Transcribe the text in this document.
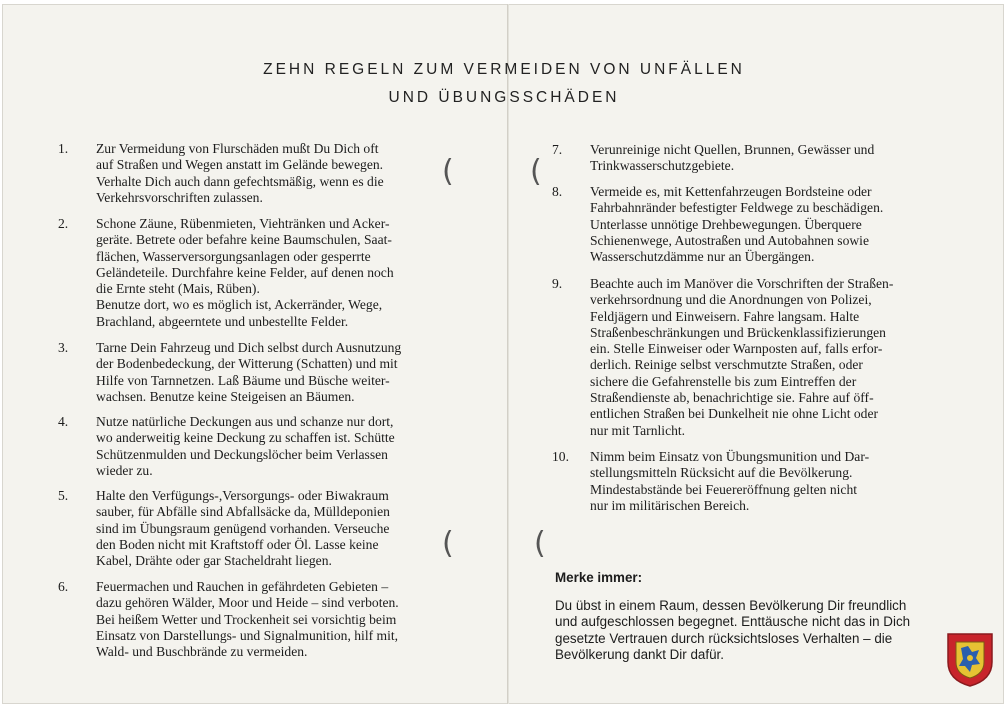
ZEHN REGELN ZUM VERMEIDEN VON UNFÄLLEN
UND ÜBUNGSSCHÄDEN
1.	Zur Vermeidung von Flurschäden mußt Du Dich oft
auf Straßen und Wegen anstatt im Gelände bewegen.
Verhalte Dich auch dann gefechtsmäßig, wenn es die
Verkehrsvorschriften zulassen.
2.	Schone Zäune, Rübenmieten, Viehtränken und Acker-
geräte. Betrete oder befahre keine Baumschulen, Saat-
flächen, Wasserversorgungsanlagen oder gesperrte
Geländeteile. Durchfahre keine Felder, auf denen noch
die Ernte steht (Mais, Rüben).
Benutze dort, wo es möglich ist, Ackerränder, Wege,
Brachland, abgeerntete und unbestellte Felder.
3.	Tarne Dein Fahrzeug und Dich selbst durch Ausnutzung
der Bodenbedeckung, der Witterung (Schatten) und mit
Hilfe von Tarnnetzen. Laß Bäume und Büsche weiter-
wachsen. Benutze keine Steigeisen an Bäumen.
4.	Nutze natürliche Deckungen aus und schanze nur dort,
wo anderweitig keine Deckung zu schaffen ist. Schütte
Schützenmulden und Deckungslöcher beim Verlassen
wieder zu.
5.	Halte den Verfügungs-,Versorgungs- oder Biwakraum
sauber, für Abfälle sind Abfallsäcke da, Mülldeponien
sind im Übungsraum genügend vorhanden. Verseuche
den Boden nicht mit Kraftstoff oder Öl. Lasse keine
Kabel, Drähte oder gar Stacheldraht liegen.
6.	Feuermachen und Rauchen in gefährdeten Gebieten –
dazu gehören Wälder, Moor und Heide – sind verboten.
Bei heißem Wetter und Trockenheit sei vorsichtig beim
Einsatz von Darstellungs- und Signalmunition, hilf mit,
Wald- und Buschbrände zu vermeiden.
7.	Verunreinige nicht Quellen, Brunnen, Gewässer und
Trinkwasserschutzgebiete.
8.	Vermeide es, mit Kettenfahrzeugen Bordsteine oder
Fahrbahnränder befestigter Feldwege zu beschädigen.
Unterlasse unnötige Drehbewegungen. Überquere
Schienenwege, Autostraßen und Autobahnen sowie
Wasserschutzdämme nur an Übergängen.
9.	Beachte auch im Manöver die Vorschriften der Straßen-
verkehrsordnung und die Anordnungen von Polizei,
Feldjägern und Einweisern. Fahre langsam. Halte
Straßenbeschränkungen und Brückenklassifizierungen
ein. Stelle Einweiser oder Warnposten auf, falls erfor-
derlich. Reinige selbst verschmutzte Straßen, oder
sichere die Gefahrenstelle bis zum Eintreffen der
Straßendienste ab, benachrichtige sie. Fahre auf öff-
entlichen Straßen bei Dunkelheit nie ohne Licht oder
nur mit Tarnlicht.
10.	Nimm beim Einsatz von Übungsmunition und Dar-
stellungsmitteln Rücksicht auf die Bevölkerung.
Mindestabstände bei Feuereröffnung gelten nicht
nur im militärischen Bereich.
Merke immer:
Du übst in einem Raum, dessen Bevölkerung Dir freundlich
und aufgeschlossen begegnet. Enttäusche nicht das in Dich
gesetzte Vertrauen durch rücksichtsloses Verhalten – die
Bevölkerung dankt Dir dafür.
(	(
(	(
